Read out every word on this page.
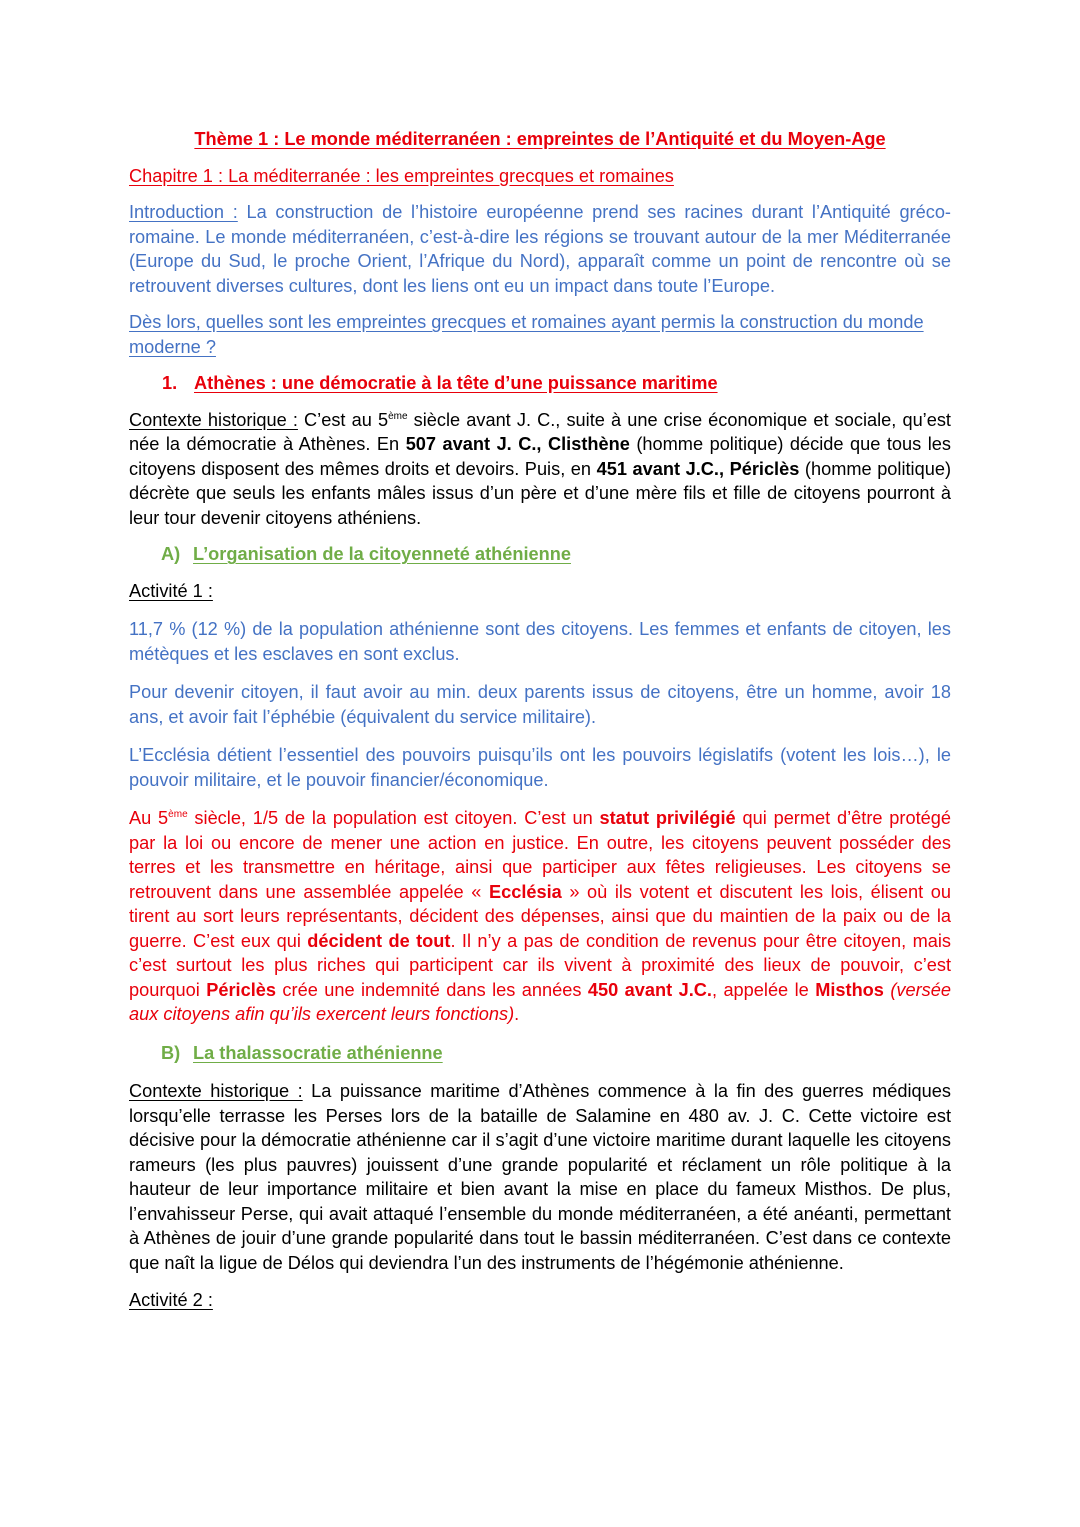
Thème 1 : Le monde méditerranéen : empreintes de l’Antiquité et du Moyen-Age

Chapitre 1 : La méditerranée : les empreintes grecques et romaines

Introduction : La construction de l’histoire européenne prend ses racines durant l’Antiquité gréco-romaine. Le monde méditerranéen, c’est-à-dire les régions se trouvant autour de la mer Méditerranée (Europe du Sud, le proche Orient, l’Afrique du Nord), apparaît comme un point de rencontre où se retrouvent diverses cultures, dont les liens ont eu un impact dans toute l’Europe.

Dès lors, quelles sont les empreintes grecques et romaines ayant permis la construction du monde moderne ?

1. Athènes : une démocratie à la tête d’une puissance maritime

Contexte historique : C’est au 5ème siècle avant J. C., suite à une crise économique et sociale, qu’est née la démocratie à Athènes. En 507 avant J. C., Clisthène (homme politique) décide que tous les citoyens disposent des mêmes droits et devoirs. Puis, en 451 avant J.C., Périclès (homme politique) décrète que seuls les enfants mâles issus d’un père et d’une mère fils et fille de citoyens pourront à leur tour devenir citoyens athéniens.

A) L’organisation de la citoyenneté athénienne

Activité 1 :

11,7 % (12 %) de la population athénienne sont des citoyens. Les femmes et enfants de citoyen, les métèques et les esclaves en sont exclus.

Pour devenir citoyen, il faut avoir au min. deux parents issus de citoyens, être un homme, avoir 18 ans, et avoir fait l’éphébie (équivalent du service militaire).

L’Ecclésia détient l’essentiel des pouvoirs puisqu’ils ont les pouvoirs législatifs (votent les lois…), le pouvoir militaire, et le pouvoir financier/économique.

Au 5ème siècle, 1/5 de la population est citoyen. C’est un statut privilégié qui permet d’être protégé par la loi ou encore de mener une action en justice. En outre, les citoyens peuvent posséder des terres et les transmettre en héritage, ainsi que participer aux fêtes religieuses. Les citoyens se retrouvent dans une assemblée appelée « Ecclésia » où ils votent et discutent les lois, élisent ou tirent au sort leurs représentants, décident des dépenses, ainsi que du maintien de la paix ou de la guerre. C’est eux qui décident de tout. Il n’y a pas de condition de revenus pour être citoyen, mais c’est surtout les plus riches qui participent car ils vivent à proximité des lieux de pouvoir, c’est pourquoi Périclès crée une indemnité dans les années 450 avant J.C., appelée le Misthos (versée aux citoyens afin qu’ils exercent leurs fonctions).

B) La thalassocratie athénienne

Contexte historique : La puissance maritime d’Athènes commence à la fin des guerres médiques lorsqu’elle terrasse les Perses lors de la bataille de Salamine en 480 av. J. C. Cette victoire est décisive pour la démocratie athénienne car il s’agit d’une victoire maritime durant laquelle les citoyens rameurs (les plus pauvres) jouissent d’une grande popularité et réclament un rôle politique à la hauteur de leur importance militaire et bien avant la mise en place du fameux Misthos. De plus, l’envahisseur Perse, qui avait attaqué l’ensemble du monde méditerranéen, a été anéanti, permettant à Athènes de jouir d’une grande popularité dans tout le bassin méditerranéen. C’est dans ce contexte que naît la ligue de Délos qui deviendra l’un des instruments de l’hégémonie athénienne.

Activité 2 :
